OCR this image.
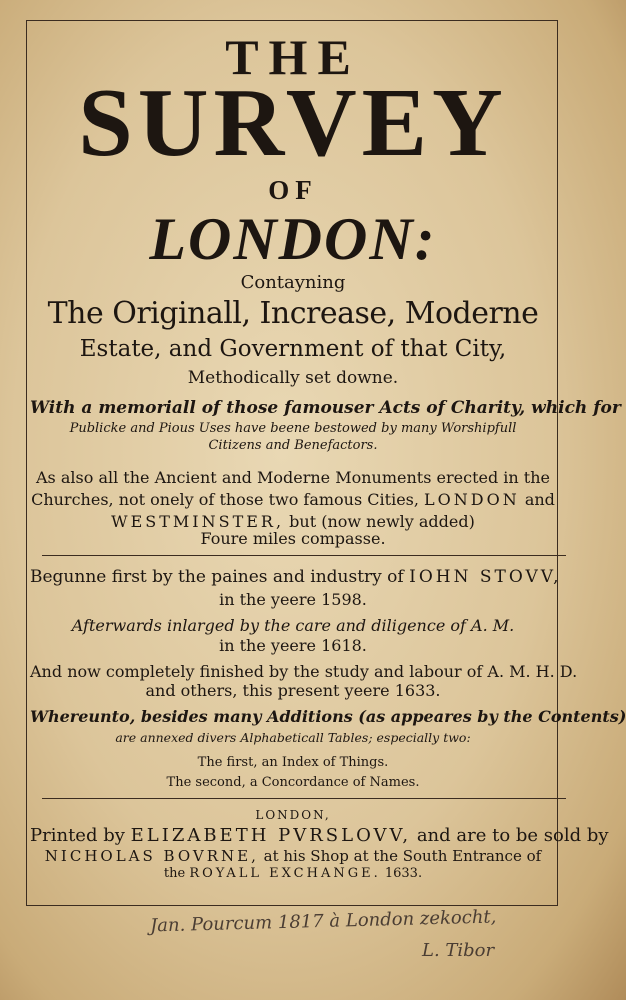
THE
SURVEY
OF
LONDON:
Contayning
The Originall, Increase, Moderne
Estate, and Government of that City,
Methodically set downe.
With a memoriall of those famouser Acts of Charity, which for
Publicke and Pious Uses have beene bestowed by many Worshipfull
Citizens and Benefactors.
As also all the Ancient and Moderne Monuments erected in the
Churches, not onely of those two famous Cities, LONDON and
WESTMINSTER, but (now newly added)
Foure miles compasse.
Begunne first by the paines and industry of IOHN STOVV,
in the yeere 1598.
Afterwards inlarged by the care and diligence of A. M.
in the yeere 1618.
And now completely finished by the study and labour of A. M. H. D.
and others, this present yeere 1633.
Whereunto, besides many Additions (as appeares by the Contents)
are annexed divers Alphabeticall Tables; especially two:
The first, an Index of Things.
The second, a Concordance of Names.
LONDON,
Printed by ELIZABETH PVRSLOVV, and are to be sold by
NICHOLAS BOVRNE, at his Shop at the South Entrance of
the ROYALL EXCHANGE. 1633.
Jan. Pourcum 1817 à London zekocht,
L. Tibor
